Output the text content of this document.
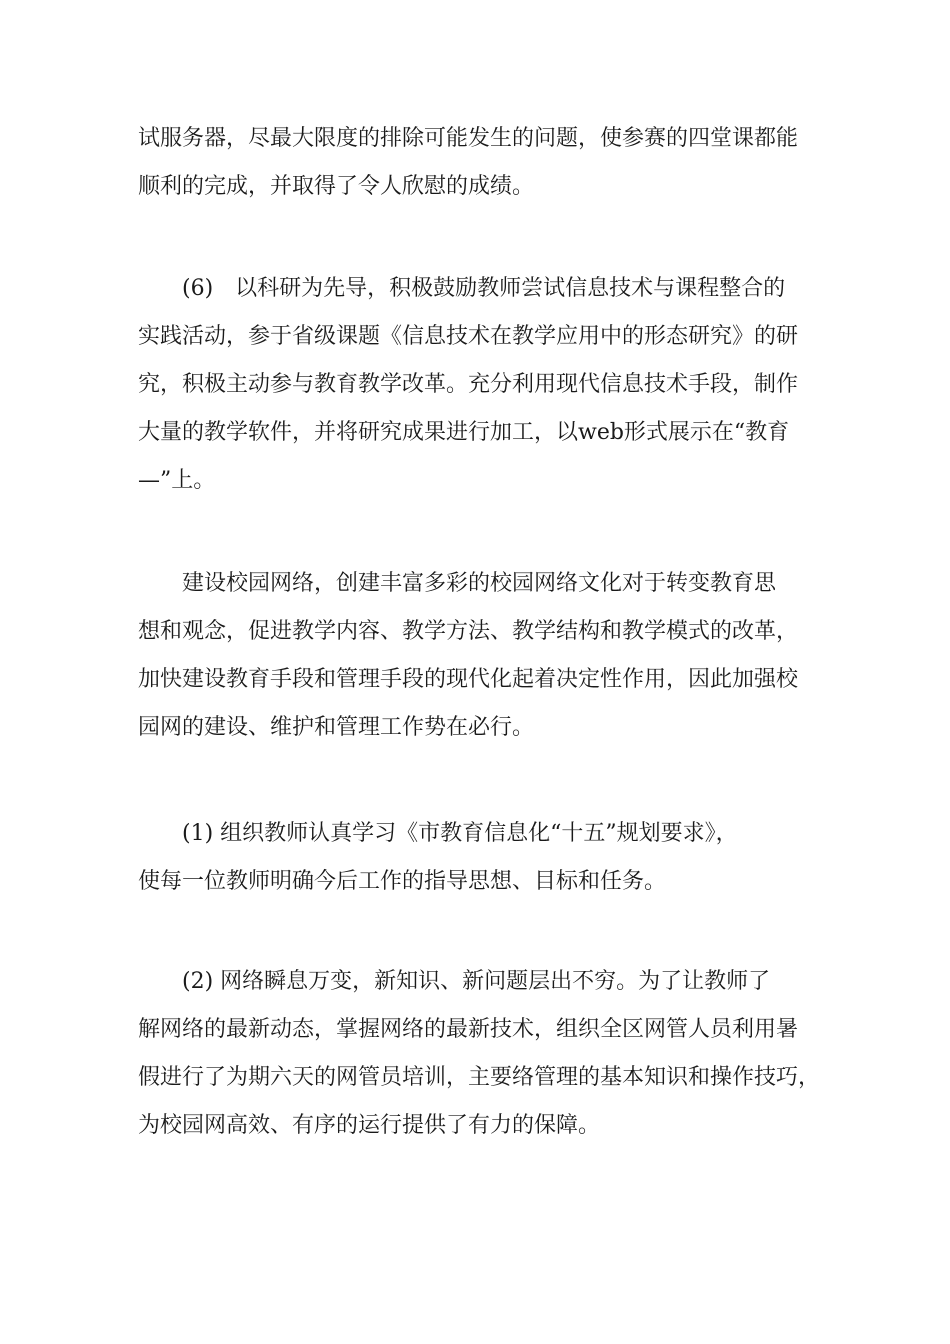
试服务器，尽最大限度的排除可能发生的问题，使参赛的四堂课都能
顺利的完成，并取得了令人欣慰的成绩。
　　(6)　以科研为先导，积极鼓励教师尝试信息技术与课程整合的
实践活动，参于省级课题《信息技术在教学应用中的形态研究》的研
究，积极主动参与教育教学改革。充分利用现代信息技术手段，制作
大量的教学软件，并将研究成果进行加工，以web形式展示在“教育
—”上。
　　建设校园网络，创建丰富多彩的校园网络文化对于转变教育思
想和观念，促进教学内容、教学方法、教学结构和教学模式的改革，
加快建设教育手段和管理手段的现代化起着决定性作用，因此加强校
园网的建设、维护和管理工作势在必行。
　　(1) 组织教师认真学习《市教育信息化“十五”规划要求》，
使每一位教师明确今后工作的指导思想、目标和任务。
　　(2) 网络瞬息万变，新知识、新问题层出不穷。为了让教师了
解网络的最新动态，掌握网络的最新技术，组织全区网管人员利用暑
假进行了为期六天的网管员培训，主要络管理的基本知识和操作技巧，
为校园网高效、有序的运行提供了有力的保障。
